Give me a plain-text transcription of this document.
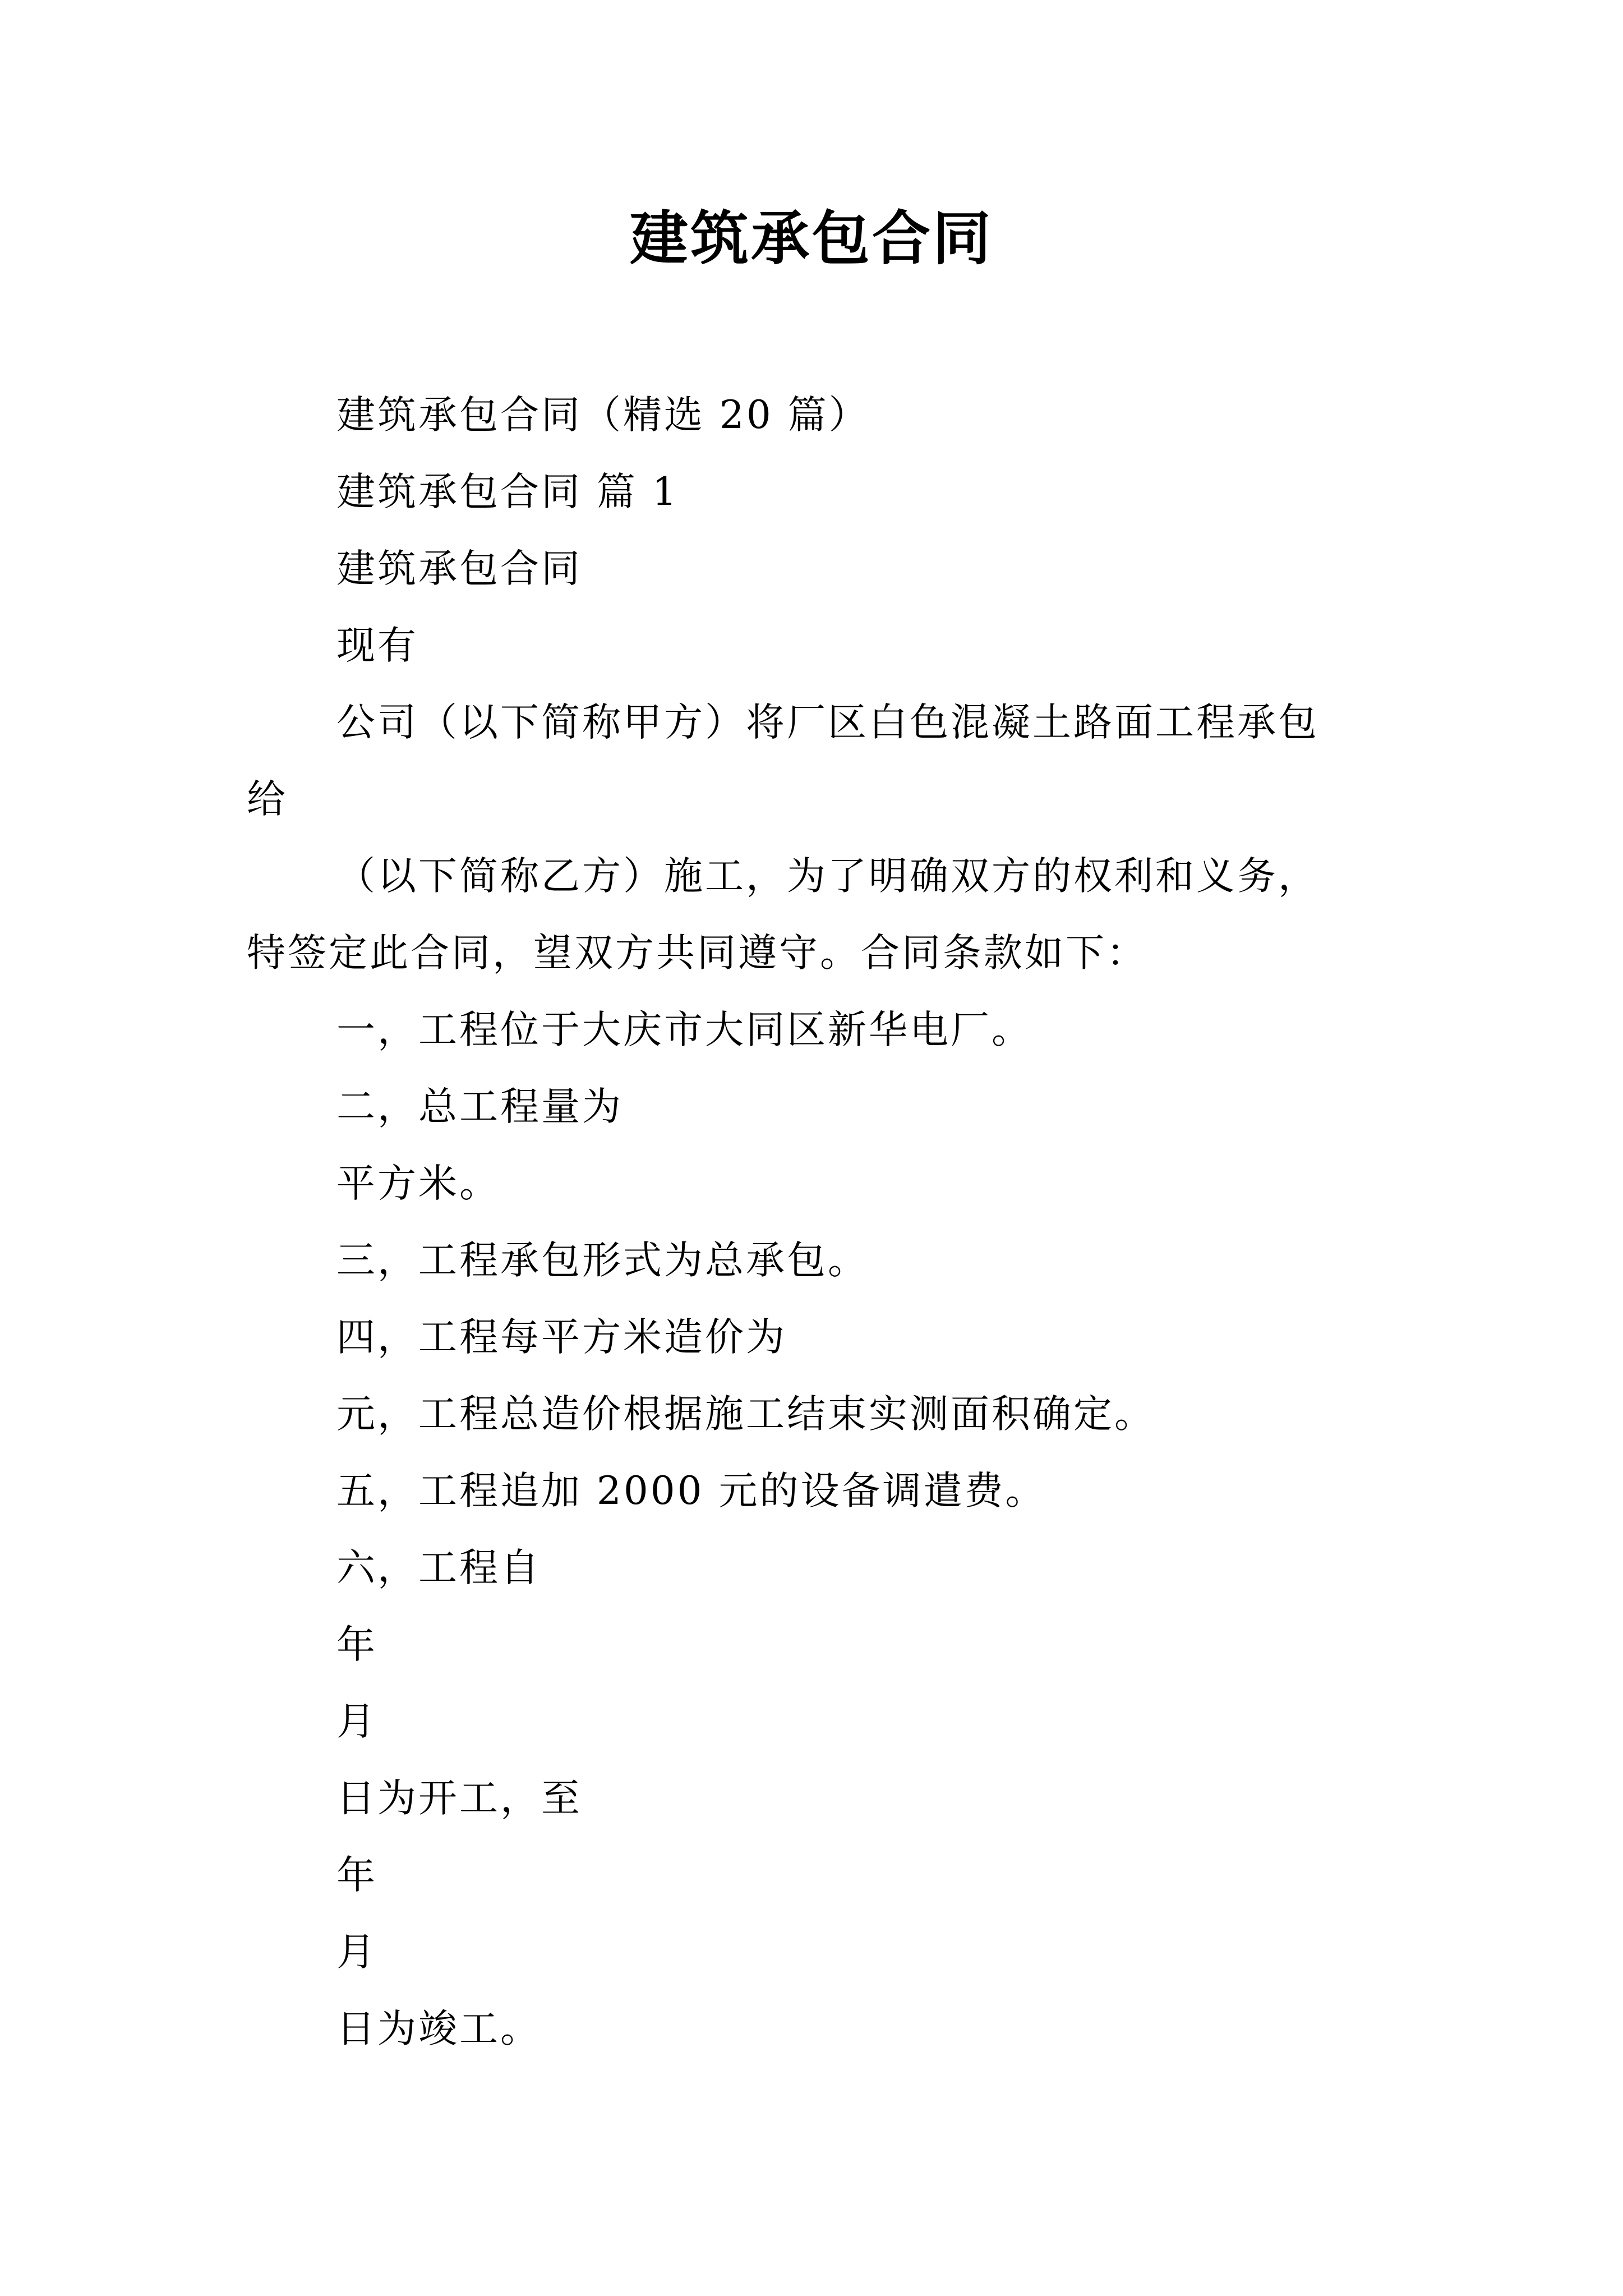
建筑承包合同
建筑承包合同（精选 20 篇）
建筑承包合同 篇 1
建筑承包合同
现有
公司（以下简称甲方）将厂区白色混凝土路面工程承包
给
（以下简称乙方）施工，为了明确双方的权利和义务，
特签定此合同，望双方共同遵守。合同条款如下：
一，工程位于大庆市大同区新华电厂。
二，总工程量为
平方米。
三，工程承包形式为总承包。
四，工程每平方米造价为
元，工程总造价根据施工结束实测面积确定。
五，工程追加 2000 元的设备调遣费。
六，工程自
年
月
日为开工，至
年
月
日为竣工。
